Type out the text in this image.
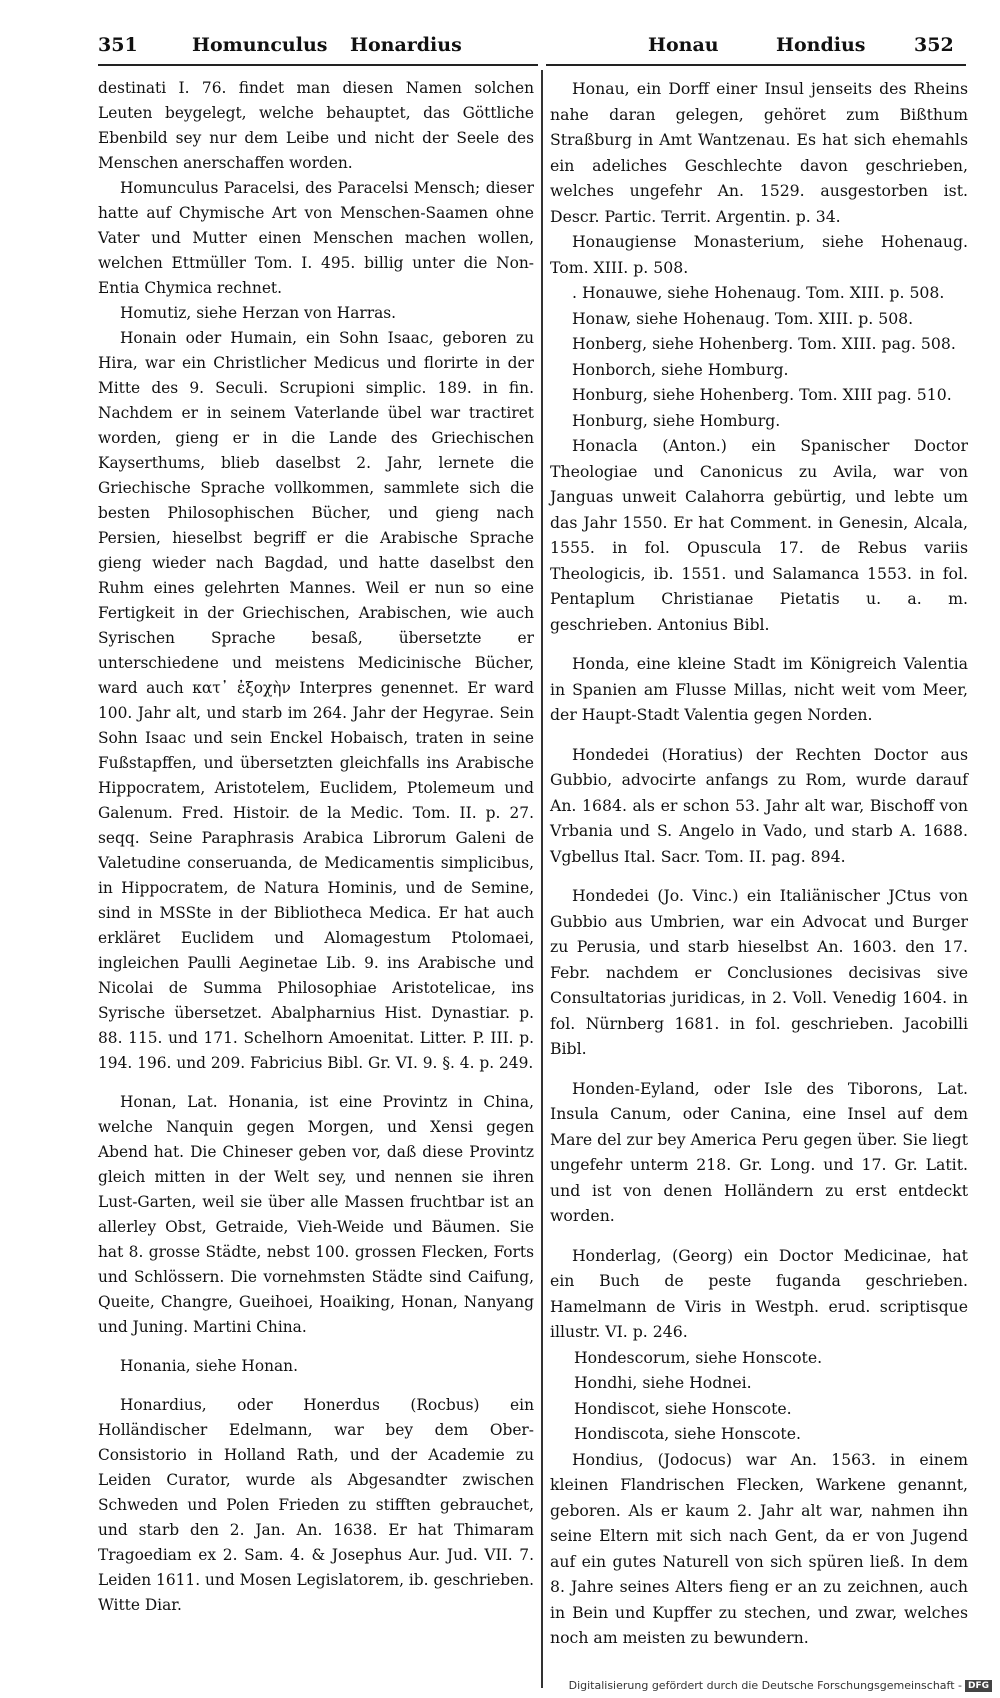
351	Homunculus Honardius	Honau	Hondius	352

destinati I. 76. findet man diesen Namen solchen Leuten beygelegt, welche behauptet, das Göttliche Ebenbild sey nur dem Leibe und nicht der Seele des Menschen anerschaffen worden.

Homunculus Paracelsi, des Paracelsi Mensch; dieser hatte auf Chymische Art von Menschen-Saamen ohne Vater und Mutter einen Menschen machen wollen, welchen Ettmüller Tom. I. 495. billig unter die Non-Entia Chymica rechnet.

Homutiz, siehe Herzan von Harras.

Honain oder Humain, ein Sohn Isaac, geboren zu Hira, war ein Christlicher Medicus und florirte in der Mitte des 9. Seculi. Scrupioni simplic. 189. in fin. Nachdem er in seinem Vaterlande übel war tractiret worden, gieng er in die Lande des Griechischen Kayserthums, blieb daselbst 2. Jahr, lernete die Griechische Sprache vollkommen, sammlete sich die besten Philosophischen Bücher, und gieng nach Persien, hieselbst begriff er die Arabische Sprache gieng wieder nach Bagdad, und hatte daselbst den Ruhm eines gelehrten Mannes. Weil er nun so eine Fertigkeit in der Griechischen, Arabischen, wie auch Syrischen Sprache besaß, übersetzte er unterschiedene und meistens Medicinische Bücher, ward auch κατ᾽ ἐξοχὴν Interpres genennet. Er ward 100. Jahr alt, und starb im 264. Jahr der Hegyrae. Sein Sohn Isaac und sein Enckel Hobaisch, traten in seine Fußstapffen, und übersetzten gleichfalls ins Arabische Hippocratem, Aristotelem, Euclidem, Ptolemeum und Galenum. Fred. Histoir. de la Medic. Tom. II. p. 27. seqq. Seine Paraphrasis Arabica Librorum Galeni de Valetudine conseruanda, de Medicamentis simplicibus, in Hippocratem, de Natura Hominis, und de Semine, sind in MSSte in der Bibliotheca Medica. Er hat auch erkläret Euclidem und Alomagestum Ptolomaei, ingleichen Paulli Aeginetae Lib. 9. ins Arabische und Nicolai de Summa Philosophiae Aristotelicae, ins Syrische übersetzet. Abalpharnius Hist. Dynastiar. p. 88. 115. und 171. Schelhorn Amoenitat. Litter. P. III. p. 194. 196. und 209. Fabricius Bibl. Gr. VI. 9. §. 4. p. 249.

Honan, Lat. Honania, ist eine Provintz in China, welche Nanquin gegen Morgen, und Xensi gegen Abend hat. Die Chineser geben vor, daß diese Provintz gleich mitten in der Welt sey, und nennen sie ihren Lust-Garten, weil sie über alle Massen fruchtbar ist an allerley Obst, Getraide, Vieh-Weide und Bäumen. Sie hat 8. grosse Städte, nebst 100. grossen Flecken, Forts und Schlössern. Die vornehmsten Städte sind Caifung, Queite, Changre, Gueihoei, Hoaiking, Honan, Nanyang und Juning. Martini China.

Honania, siehe Honan.

Honardius, oder Honerdus (Rocbus) ein Holländischer Edelmann, war bey dem Ober-Consistorio in Holland Rath, und der Academie zu Leiden Curator, wurde als Abgesandter zwischen Schweden und Polen Frieden zu stifften gebrauchet, und starb den 2. Jan. An. 1638. Er hat Thimaram Tragoediam ex 2. Sam. 4. & Josephus Aur. Jud. VII. 7. Leiden 1611. und Mosen Legislatorem, ib. geschrieben. Witte Diar.

Honau, ein Dorff einer Insul jenseits des Rheins nahe daran gelegen, gehöret zum Bißthum Straßburg in Amt Wantzenau. Es hat sich ehemahls ein adeliches Geschlechte davon geschrieben, welches ungefehr An. 1529. ausgestorben ist. Descr. Partic. Territ. Argentin. p. 34.

Honaugiense Monasterium, siehe Hohenaug. Tom. XIII. p. 508.

. Honauwe, siehe Hohenaug. Tom. XIII. p. 508.

Honaw, siehe Hohenaug. Tom. XIII. p. 508.

Honberg, siehe Hohenberg. Tom. XIII. pag. 508.

Honborch, siehe Homburg.

Honburg, siehe Hohenberg. Tom. XIII pag. 510.

Honburg, siehe Homburg.

Honacla (Anton.) ein Spanischer Doctor Theologiae und Canonicus zu Avila, war von Janguas unweit Calahorra gebürtig, und lebte um das Jahr 1550. Er hat Comment. in Genesin, Alcala, 1555. in fol. Opuscula 17. de Rebus variis Theologicis, ib. 1551. und Salamanca 1553. in fol. Pentaplum Christianae Pietatis u. a. m. geschrieben. Antonius Bibl.

Honda, eine kleine Stadt im Königreich Valentia in Spanien am Flusse Millas, nicht weit vom Meer, der Haupt-Stadt Valentia gegen Norden.

Hondedei (Horatius) der Rechten Doctor aus Gubbio, advocirte anfangs zu Rom, wurde darauf An. 1684. als er schon 53. Jahr alt war, Bischoff von Vrbania und S. Angelo in Vado, und starb A. 1688. Vgbellus Ital. Sacr. Tom. II. pag. 894.

Hondedei (Jo. Vinc.) ein Italiänischer JCtus von Gubbio aus Umbrien, war ein Advocat und Burger zu Perusia, und starb hieselbst An. 1603. den 17. Febr. nachdem er Conclusiones decisivas sive Consultatorias juridicas, in 2. Voll. Venedig 1604. in fol. Nürnberg 1681. in fol. geschrieben. Jacobilli Bibl.

Honden-Eyland, oder Isle des Tiborons, Lat. Insula Canum, oder Canina, eine Insel auf dem Mare del zur bey America Peru gegen über. Sie liegt ungefehr unterm 218. Gr. Long. und 17. Gr. Latit. und ist von denen Holländern zu erst entdeckt worden.

Honderlag, (Georg) ein Doctor Medicinae, hat ein Buch de peste fuganda geschrieben. Hamelmann de Viris in Westph. erud. scriptisque illustr. VI. p. 246.

Hondescorum, siehe Honscote.

Hondhi, siehe Hodnei.

Hondiscot, siehe Honscote.

Hondiscota, siehe Honscote.

Hondius, (Jodocus) war An. 1563. in einem kleinen Flandrischen Flecken, Warkene genannt, geboren. Als er kaum 2. Jahr alt war, nahmen ihn seine Eltern mit sich nach Gent, da er von Jugend auf ein gutes Naturell von sich spüren ließ. In dem 8. Jahre seines Alters fieng er an zu zeichnen, auch in Bein und Kupffer zu stechen, und zwar, welches noch am meisten zu bewundern.

Digitalisierung gefördert durch die Deutsche Forschungsgemeinschaft - DFG
